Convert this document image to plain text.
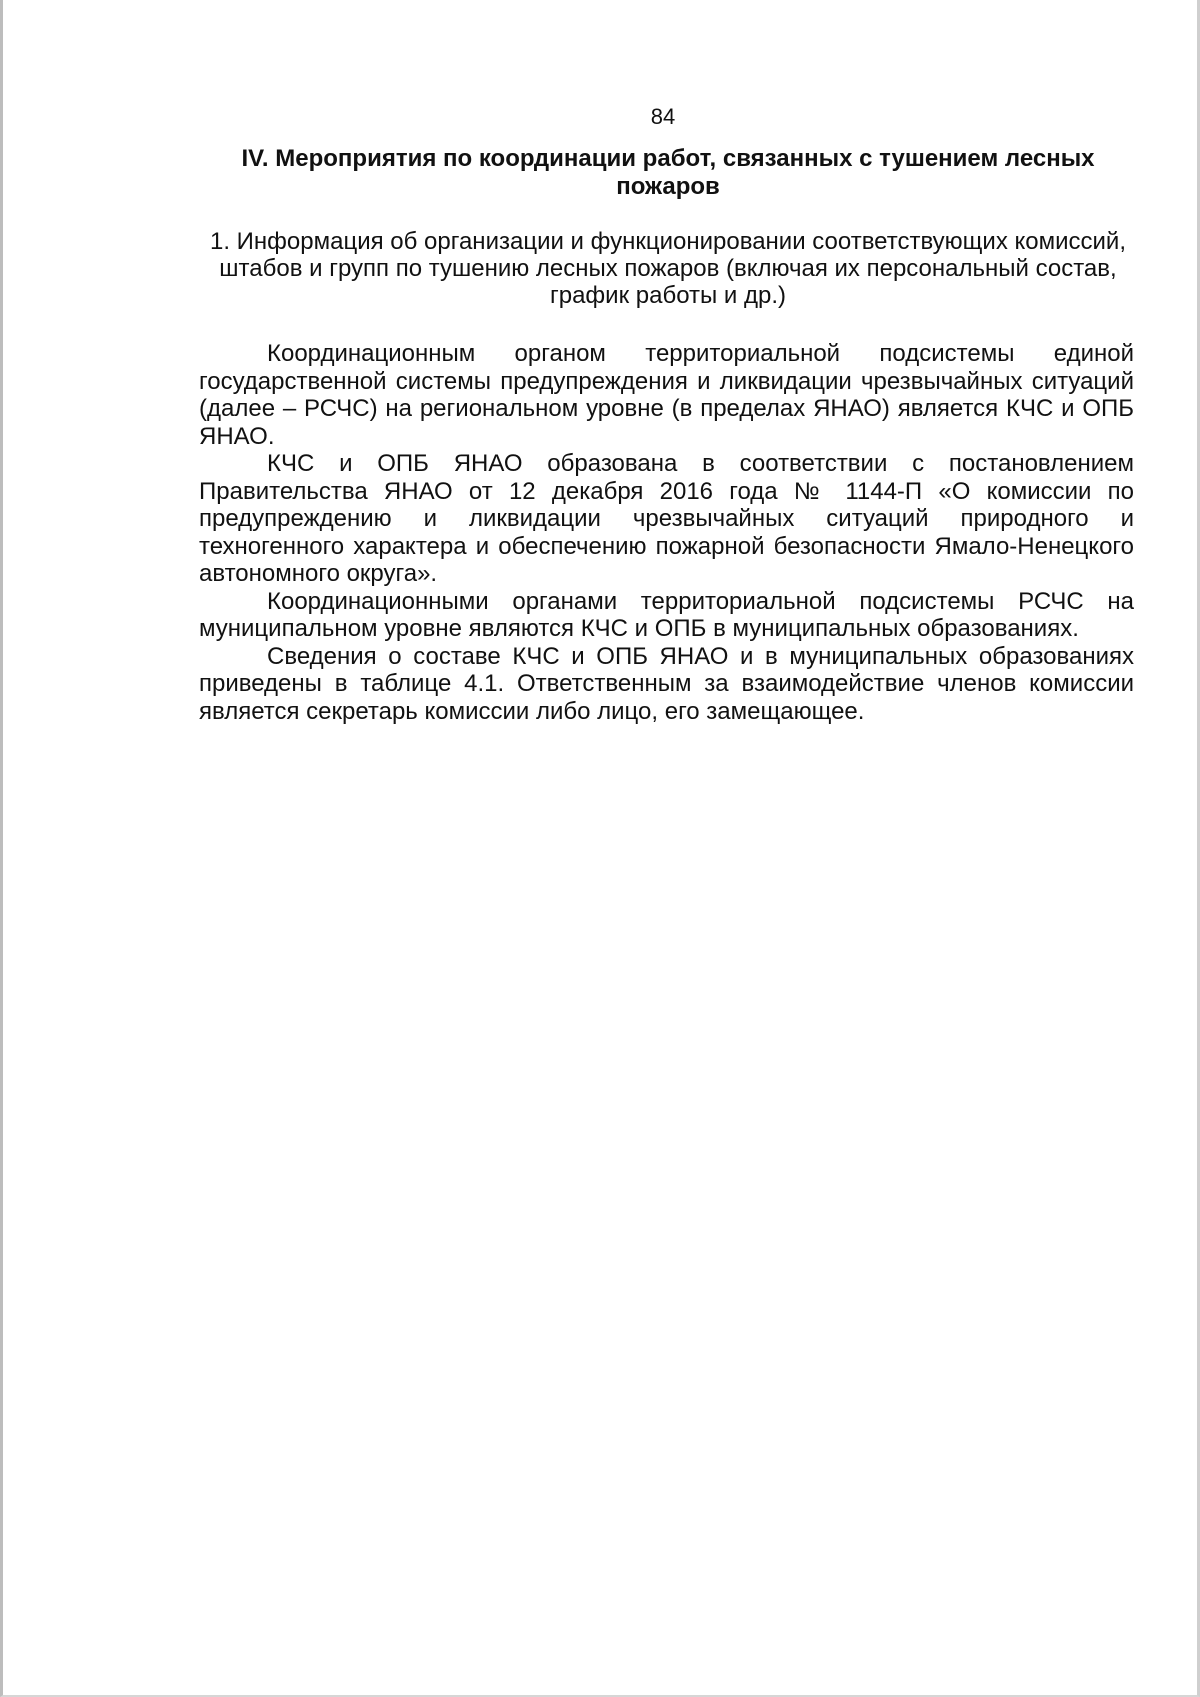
84
IV. Мероприятия по координации работ, связанных с тушением лесных пожаров
1. Информация об организации и функционировании соответствующих комиссий, штабов и групп по тушению лесных пожаров (включая их персональный состав, график работы и др.)

Координационным органом территориальной подсистемы единой государственной системы предупреждения и ликвидации чрезвычайных ситуаций (далее – РСЧС) на региональном уровне (в пределах ЯНАО) является КЧС и ОПБ ЯНАО.

КЧС и ОПБ ЯНАО образована в соответствии с постановлением Правительства ЯНАО от 12 декабря 2016 года № 1144-П «О комиссии по предупреждению и ликвидации чрезвычайных ситуаций природного и техногенного характера и обеспечению пожарной безопасности Ямало-Ненецкого автономного округа».

Координационными органами территориальной подсистемы РСЧС на муниципальном уровне являются КЧС и ОПБ в муниципальных образованиях.

Сведения о составе КЧС и ОПБ ЯНАО и в муниципальных образованиях приведены в таблице 4.1. Ответственным за взаимодействие членов комиссии является секретарь комиссии либо лицо, его замещающее.
